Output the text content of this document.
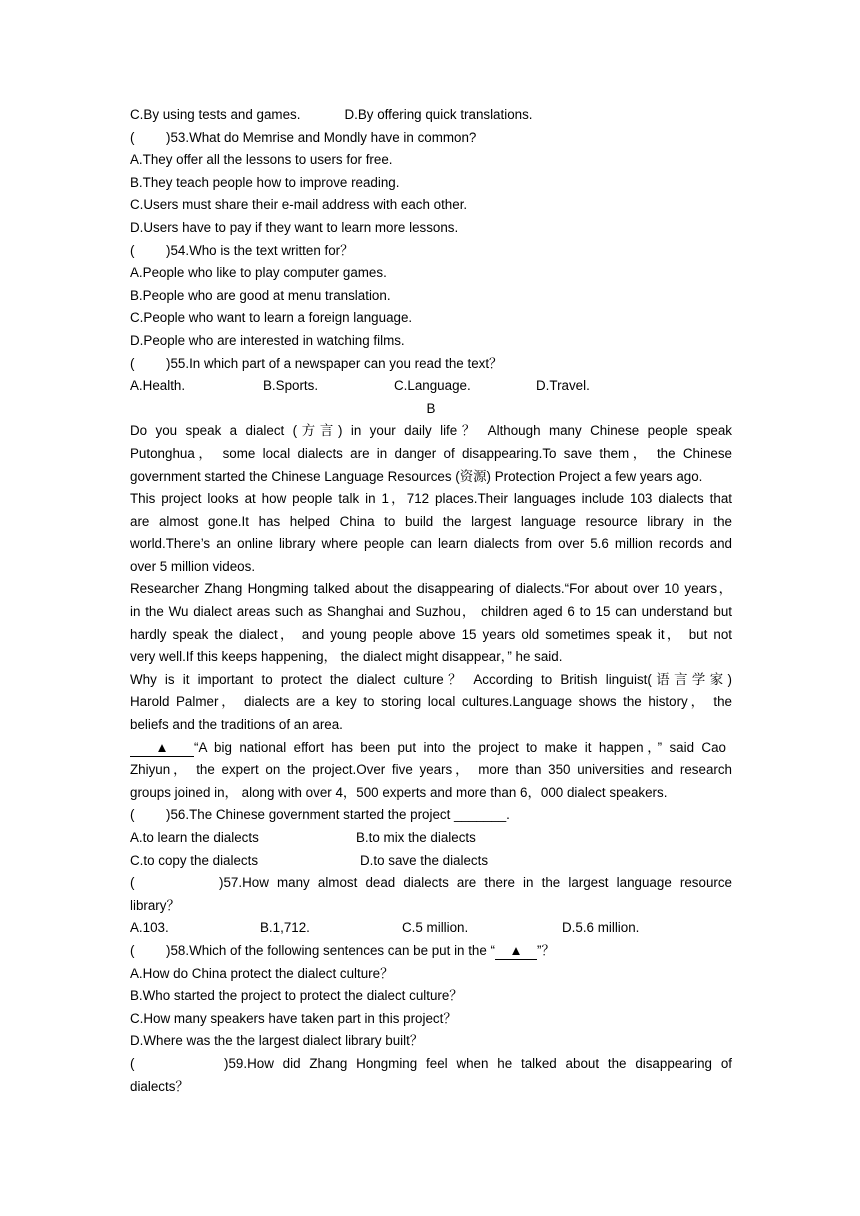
C.By using tests and games.	D.By offering quick translations.
( )53.What do Memrise and Mondly have in common?
A.They offer all the lessons to users for free.
B.They teach people how to improve reading.
C.Users must share their e-mail address with each other.
D.Users have to pay if they want to learn more lessons.
( )54.Who is the text written for？
A.People who like to play computer games.
B.People who are good at menu translation.
C.People who want to learn a foreign language.
D.People who are interested in watching films.
( )55.In which part of a newspaper can you read the text？
A.Health.	B.Sports.	C.Language.	D.Travel.
B
Do you speak a dialect (方言) in your daily life？ Although many Chinese people speak
Putonghua， some local dialects are in danger of disappearing.To save them， the Chinese
government started the Chinese Language Resources (资源) Protection Project a few years ago.
This project looks at how people talk in 1，712 places.Their languages include 103 dialects that
are almost gone.It has helped China to build the largest language resource library in the
world.There’s an online library where people can learn dialects from over 5.6 million records and
over 5 million videos.
Researcher Zhang Hongming talked about the disappearing of dialects.“For about over 10 years，
in the Wu dialect areas such as Shanghai and Suzhou， children aged 6 to 15 can understand but
hardly speak the dialect， and young people above 15 years old sometimes speak it， but not
very well.If this keeps happening， the dialect might disappear，” he said.
Why is it important to protect the dialect culture？ According to British linguist(语言学家)
Harold Palmer， dialects are a key to storing local cultures.Language shows the history， the
beliefs and the traditions of an area.
▲ “A big national effort has been put into the project to make it happen，” said Cao
Zhiyun， the expert on the project.Over five years， more than 350 universities and research
groups joined in， along with over 4，500 experts and more than 6，000 dialect speakers.
( )56.The Chinese government started the project _______.
A.to learn the dialects	B.to mix the dialects
C.to copy the dialects	D.to save the dialects
(	)57.How many almost dead dialects are there in the largest language resource
library？
A.103.	B.1,712.	C.5 million.	D.5.6 million.
( )58.Which of the following sentences can be put in the “ ▲ ”？
A.How do China protect the dialect culture？
B.Who started the project to protect the dialect culture？
C.How many speakers have taken part in this project？
D.Where was the the largest dialect library built？
(	)59.How did Zhang Hongming feel when he talked about the disappearing of
dialects？
